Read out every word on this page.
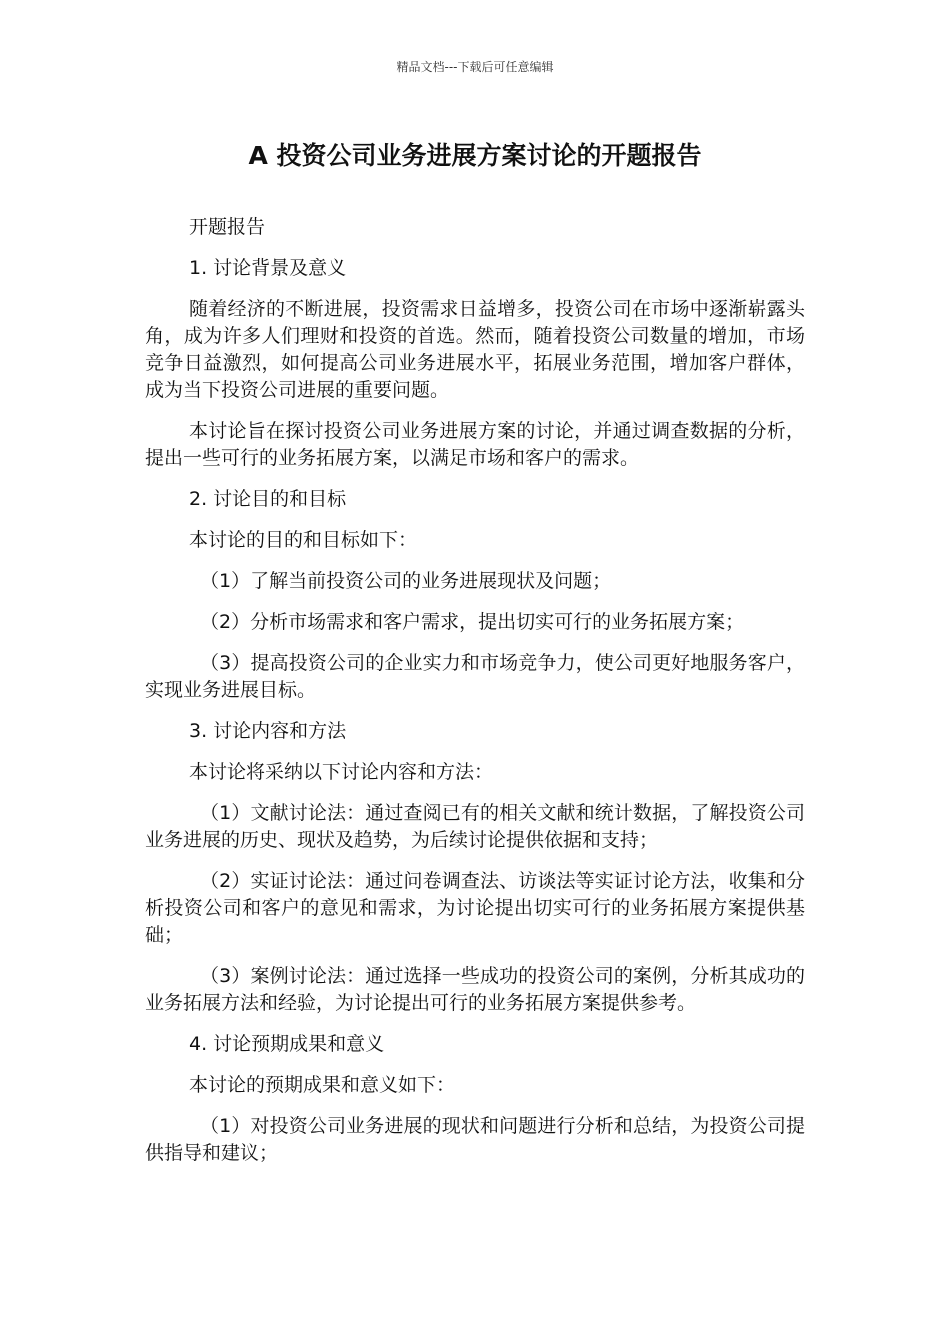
精品文档---下载后可任意编辑
A 投资公司业务进展方案讨论的开题报告

开题报告

1. 讨论背景及意义

随着经济的不断进展，投资需求日益增多，投资公司在市场中逐渐崭露头角，成为许多人们理财和投资的首选。然而，随着投资公司数量的增加，市场竞争日益激烈，如何提高公司业务进展水平，拓展业务范围，增加客户群体，成为当下投资公司进展的重要问题。

本讨论旨在探讨投资公司业务进展方案的讨论，并通过调查数据的分析，提出一些可行的业务拓展方案，以满足市场和客户的需求。

2. 讨论目的和目标

本讨论的目的和目标如下：

（1）了解当前投资公司的业务进展现状及问题；

（2）分析市场需求和客户需求，提出切实可行的业务拓展方案；

（3）提高投资公司的企业实力和市场竞争力，使公司更好地服务客户，实现业务进展目标。

3. 讨论内容和方法

本讨论将采纳以下讨论内容和方法：

（1）文献讨论法：通过查阅已有的相关文献和统计数据，了解投资公司业务进展的历史、现状及趋势，为后续讨论提供依据和支持；

（2）实证讨论法：通过问卷调查法、访谈法等实证讨论方法，收集和分析投资公司和客户的意见和需求，为讨论提出切实可行的业务拓展方案提供基础；

（3）案例讨论法：通过选择一些成功的投资公司的案例，分析其成功的业务拓展方法和经验，为讨论提出可行的业务拓展方案提供参考。

4. 讨论预期成果和意义

本讨论的预期成果和意义如下：

（1）对投资公司业务进展的现状和问题进行分析和总结，为投资公司提供指导和建议；
